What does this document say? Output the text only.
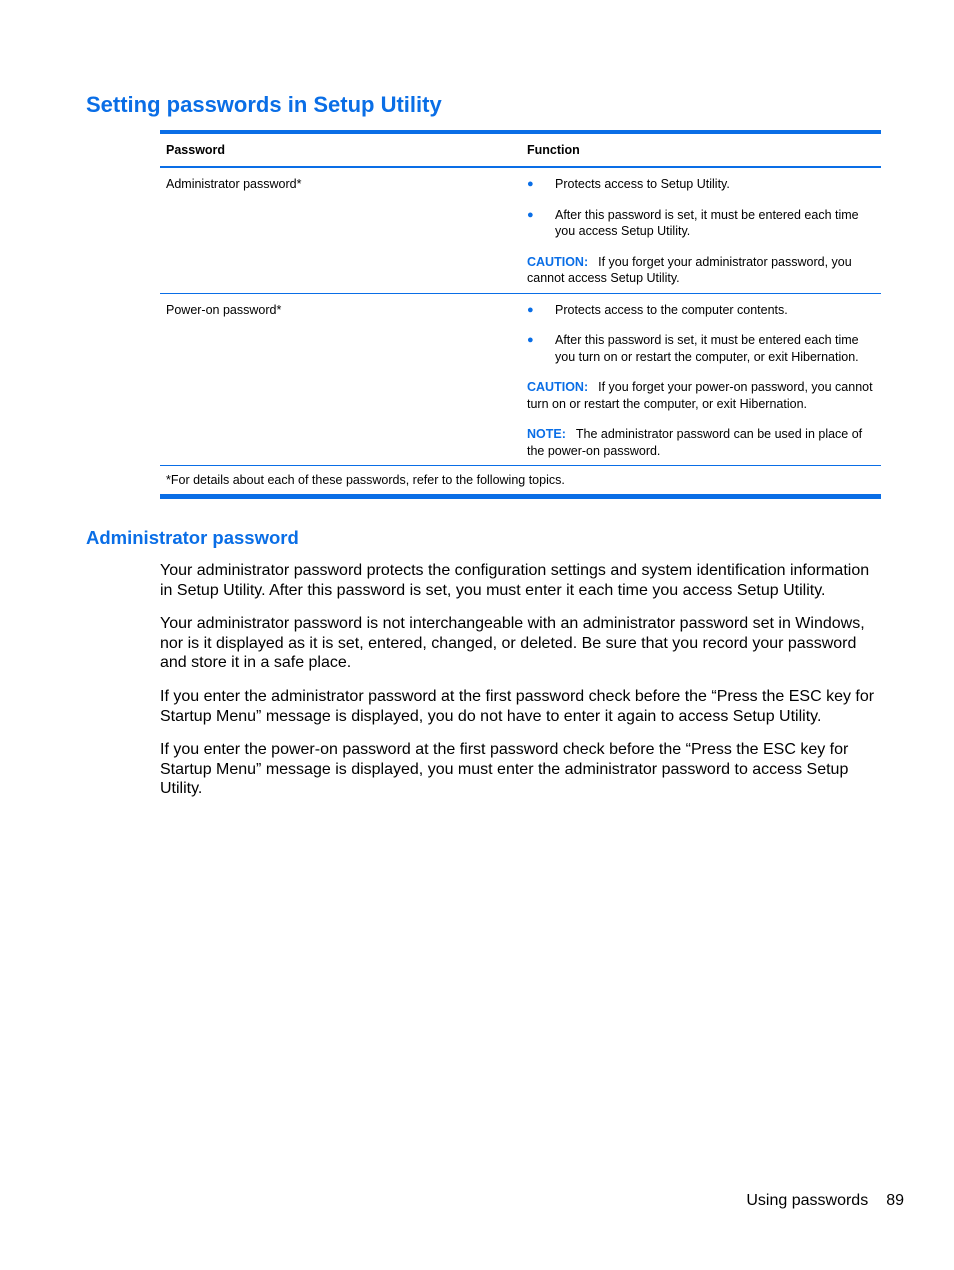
Setting passwords in Setup Utility
Password	Function
Administrator password*	●	Protects access to Setup Utility.
●	After this password is set, it must be entered each time you access Setup Utility.
CAUTION: If you forget your administrator password, you cannot access Setup Utility.
Power-on password*	●	Protects access to the computer contents.
●	After this password is set, it must be entered each time you turn on or restart the computer, or exit Hibernation.
CAUTION: If you forget your power-on password, you cannot turn on or restart the computer, or exit Hibernation.
NOTE: The administrator password can be used in place of the power-on password.
*For details about each of these passwords, refer to the following topics.
Administrator password

Your administrator password protects the configuration settings and system identification information in Setup Utility. After this password is set, you must enter it each time you access Setup Utility.

Your administrator password is not interchangeable with an administrator password set in Windows, nor is it displayed as it is set, entered, changed, or deleted. Be sure that you record your password and store it in a safe place.

If you enter the administrator password at the first password check before the “Press the ESC key for Startup Menu” message is displayed, you do not have to enter it again to access Setup Utility.

If you enter the power-on password at the first password check before the “Press the ESC key for Startup Menu” message is displayed, you must enter the administrator password to access Setup Utility.

Using passwords 89
